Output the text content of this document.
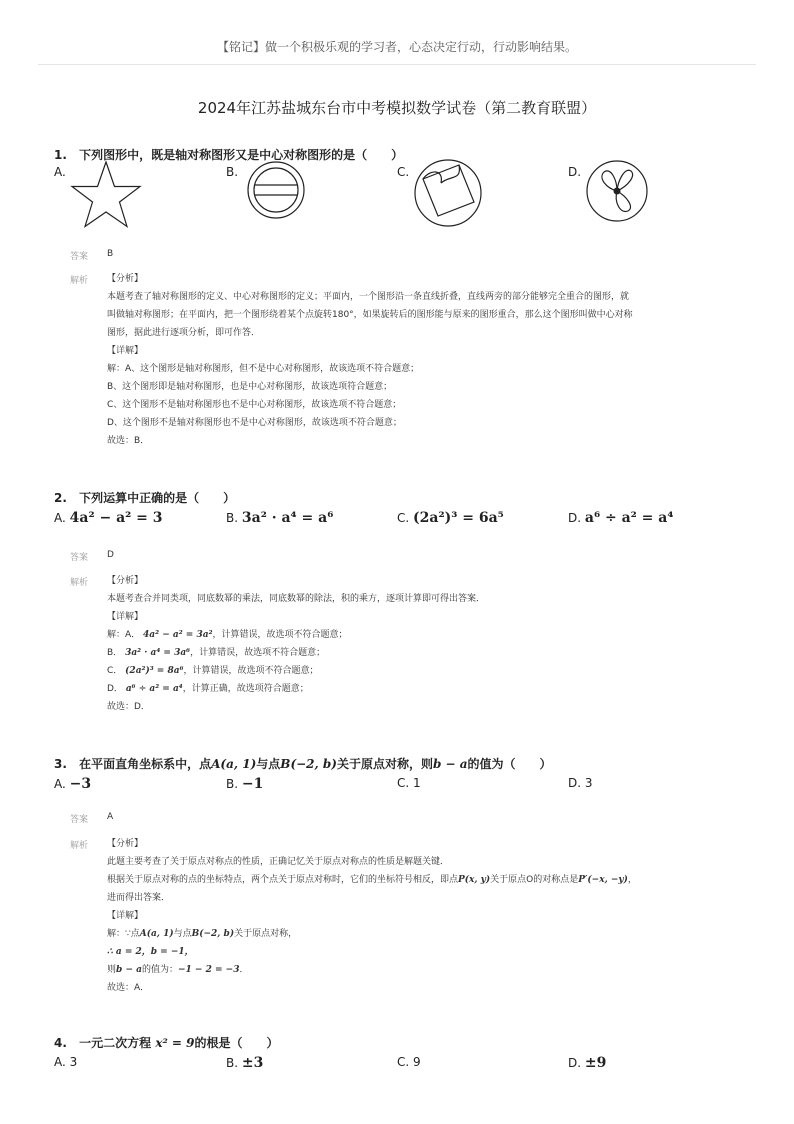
【铭记】做一个积极乐观的学习者，心态决定行动，行动影响结果。
2024年江苏盐城东台市中考模拟数学试卷（第二教育联盟）
1. 下列图形中，既是轴对称图形又是中心对称图形的是（　　）
A.	B.	C.	D.
答案 B
解析 【分析】
本题考查了轴对称图形的定义、中心对称图形的定义；平面内，一个图形沿一条直线折叠，直线两旁的部分能够完全重合的图形，就
叫做轴对称图形；在平面内，把一个图形绕着某个点旋转180°，如果旋转后的图形能与原来的图形重合，那么这个图形叫做中心对称
图形，据此进行逐项分析，即可作答．
【详解】
解：A、这个图形是轴对称图形，但不是中心对称图形，故该选项不符合题意；
B、这个图形即是轴对称图形，也是中心对称图形，故该选项符合题意；
C、这个图形不是轴对称图形也不是中心对称图形，故该选项不符合题意；
D、这个图形不是轴对称图形也不是中心对称图形，故该选项不符合题意；
故选：B．
2. 下列运算中正确的是（　　）
A. 4a² − a² = 3	B. 3a² · a⁴ = a⁶	C. (2a²)³ = 6a⁵	D. a⁶ ÷ a² = a⁴
答案 D
解析 【分析】
本题考查合并同类项，同底数幂的乘法，同底数幂的除法，积的乘方，逐项计算即可得出答案．
【详解】
解：A． 4a² − a² = 3a²，计算错误，故选项不符合题意；
B． 3a² · a⁴ = 3a⁶，计算错误，故选项不符合题意；
C． (2a²)³ = 8a⁶，计算错误，故选项不符合题意；
D． a⁶ ÷ a² = a⁴，计算正确，故选项符合题意；
故选：D．
3. 在平面直角坐标系中，点A(a, 1)与点B(−2, b)关于原点对称，则b − a的值为（　　）
A. −3	B. −1	C. 1	D. 3
答案 A
解析 【分析】
此题主要考查了关于原点对称点的性质，正确记忆关于原点对称点的性质是解题关键．
根据关于原点对称的点的坐标特点，两个点关于原点对称时，它们的坐标符号相反，即点P(x, y)关于原点O的对称点是P′(−x, −y)，
进而得出答案．
【详解】
解：∵点A(a, 1)与点B(−2, b)关于原点对称，
∴ a = 2，b = −1，
则b − a的值为：−1 − 2 = −3．
故选：A．
4. 一元二次方程 x² = 9的根是（　　）
A. 3	B. ±3	C. 9	D. ±9
